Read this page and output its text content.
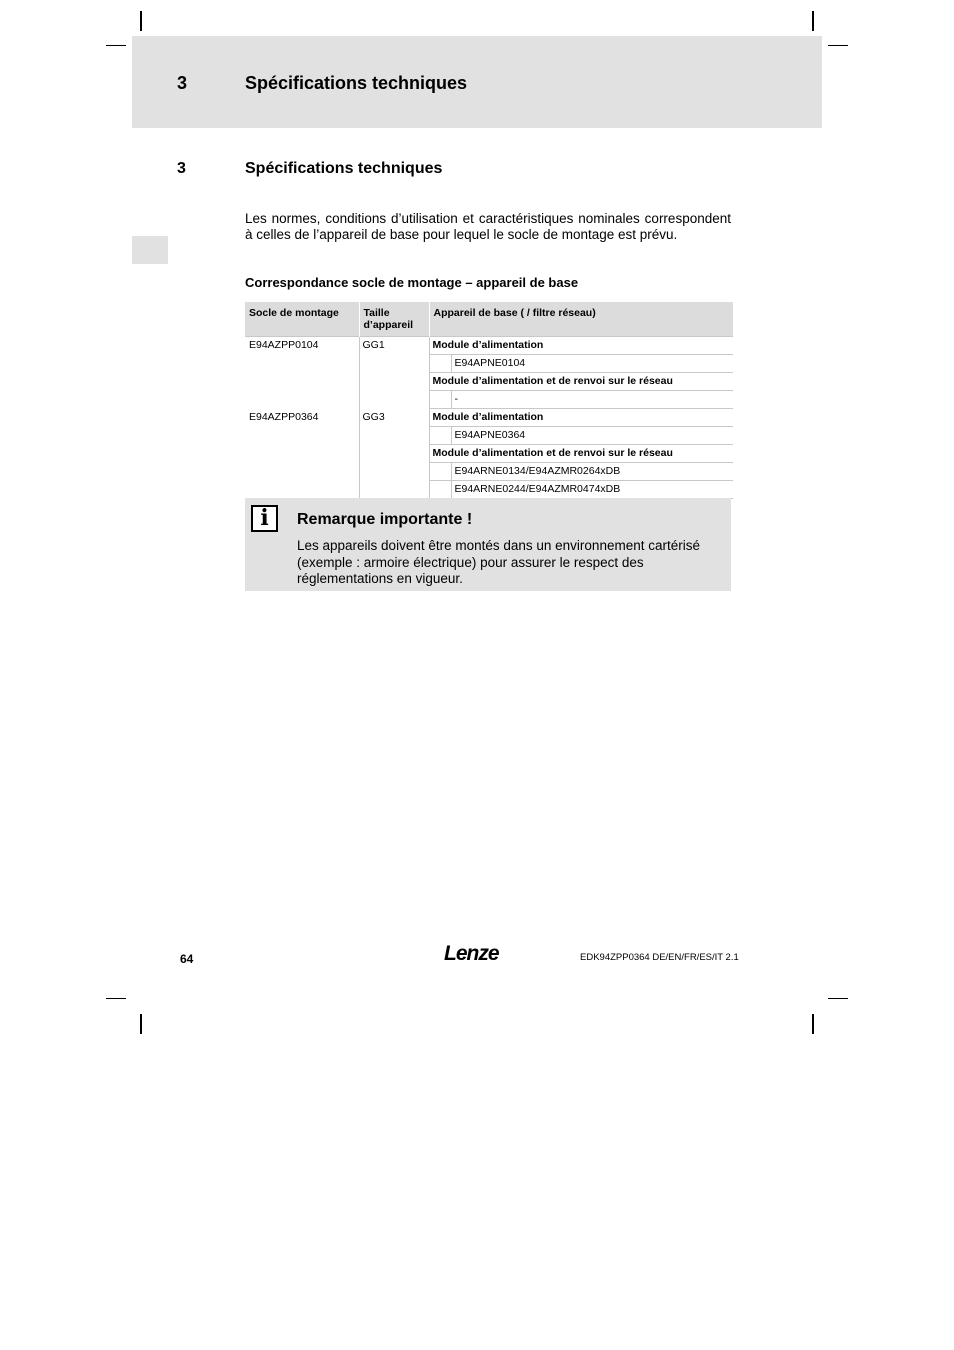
3	Spécifications techniques
3	Spécifications techniques

Les normes, conditions d’utilisation et caractéristiques nominales correspondent à celles de l’appareil de base pour lequel le socle de montage est prévu.

Correspondance socle de montage – appareil de base
Socle de montage	Taille d’appareil	Appareil de base ( / filtre réseau)	
E94AZPP0104	GG1	Module d’alimentation	
			E94APNE0104
		Module d’alimentation et de renvoi sur le réseau	
			-
E94AZPP0364	GG3	Module d’alimentation	
			E94APNE0364
		Module d’alimentation et de renvoi sur le réseau	
			E94ARNE0134/E94AZMR0264xDB
			E94ARNE0244/E94AZMR0474xDB
i	Remarque importante !

Les appareils doivent être montés dans un environnement cartérisé (exemple : armoire électrique) pour assurer le respect des réglementations en vigueur.

64	Lenze	EDK94ZPP0364 DE/EN/FR/ES/IT 2.1
